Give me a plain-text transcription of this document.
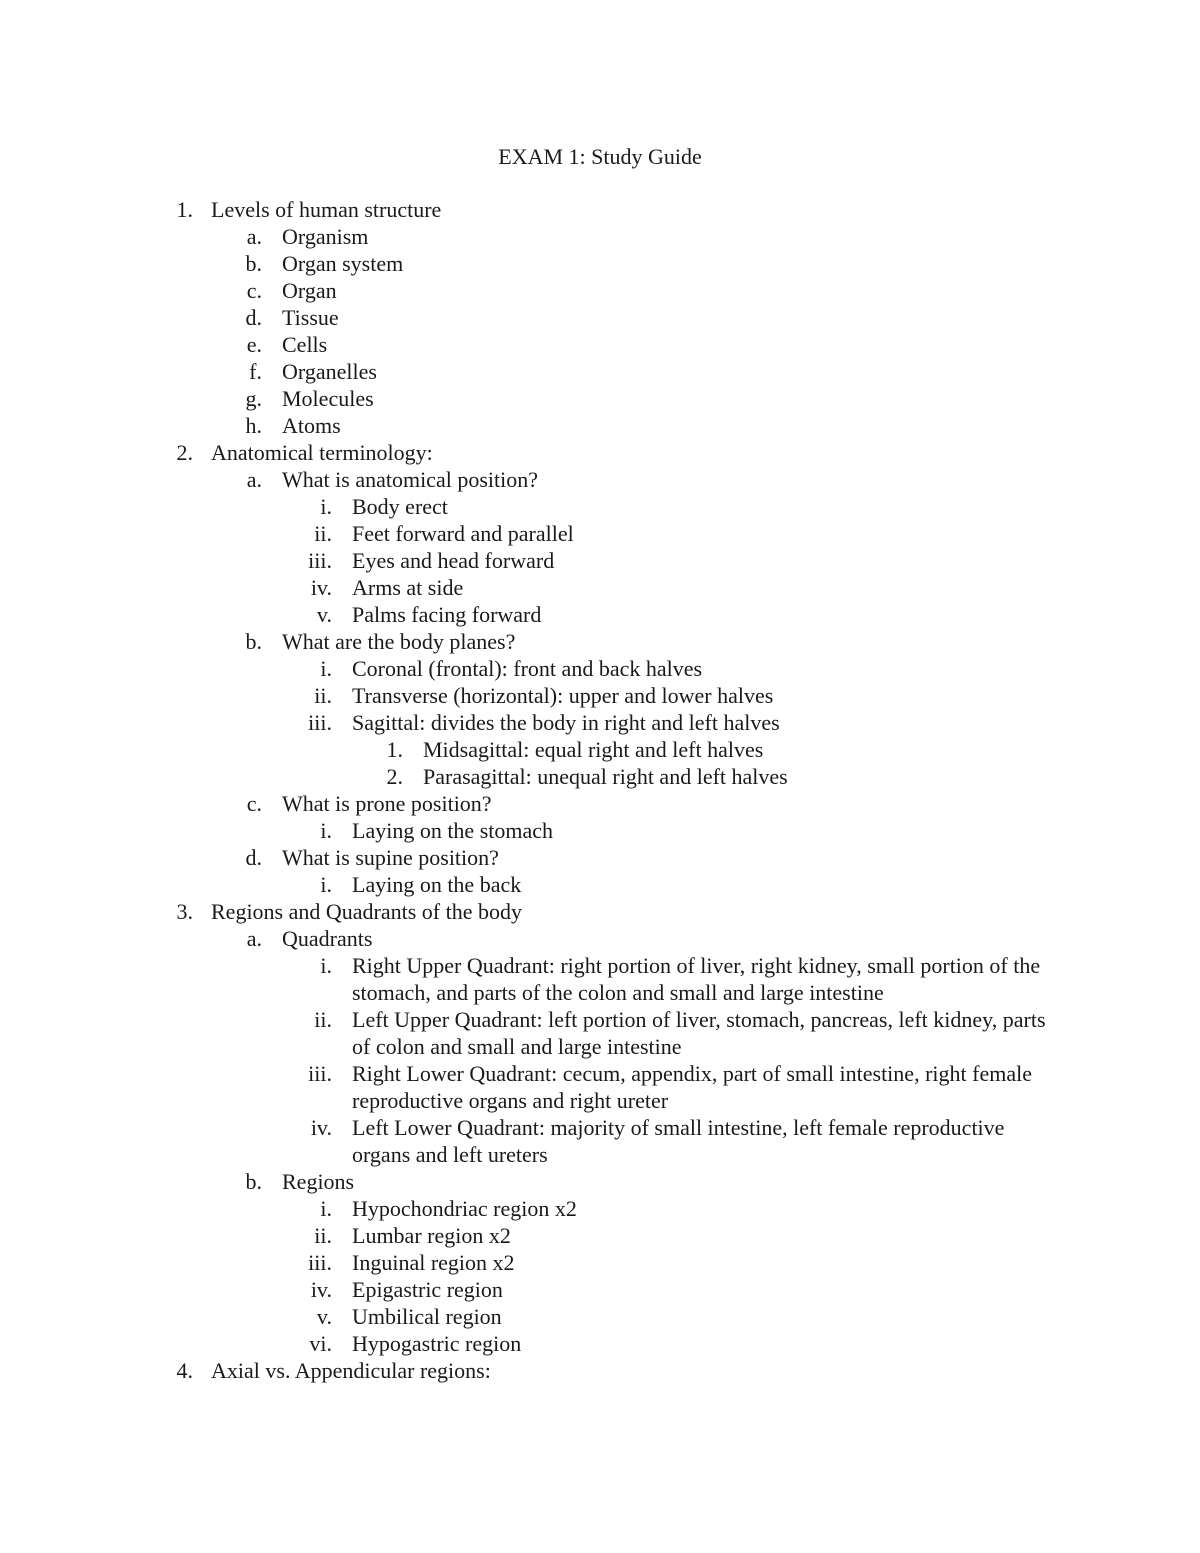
EXAM 1: Study Guide
1. Levels of human structure
a. Organism
b. Organ system
c. Organ
d. Tissue
e. Cells
f. Organelles
g. Molecules
h. Atoms
2. Anatomical terminology:
a. What is anatomical position?
i. Body erect
ii. Feet forward and parallel
iii. Eyes and head forward
iv. Arms at side
v. Palms facing forward
b. What are the body planes?
i. Coronal (frontal): front and back halves
ii. Transverse (horizontal): upper and lower halves
iii. Sagittal: divides the body in right and left halves
1. Midsagittal: equal right and left halves
2. Parasagittal: unequal right and left halves
c. What is prone position?
i. Laying on the stomach
d. What is supine position?
i. Laying on the back
3. Regions and Quadrants of the body
a. Quadrants
i. Right Upper Quadrant: right portion of liver, right kidney, small portion of the stomach, and parts of the colon and small and large intestine
ii. Left Upper Quadrant: left portion of liver, stomach, pancreas, left kidney, parts of colon and small and large intestine
iii. Right Lower Quadrant: cecum, appendix, part of small intestine, right female reproductive organs and right ureter
iv. Left Lower Quadrant: majority of small intestine, left female reproductive organs and left ureters
b. Regions
i. Hypochondriac region x2
ii. Lumbar region x2
iii. Inguinal region x2
iv. Epigastric region
v. Umbilical region
vi. Hypogastric region
4. Axial vs. Appendicular regions:
